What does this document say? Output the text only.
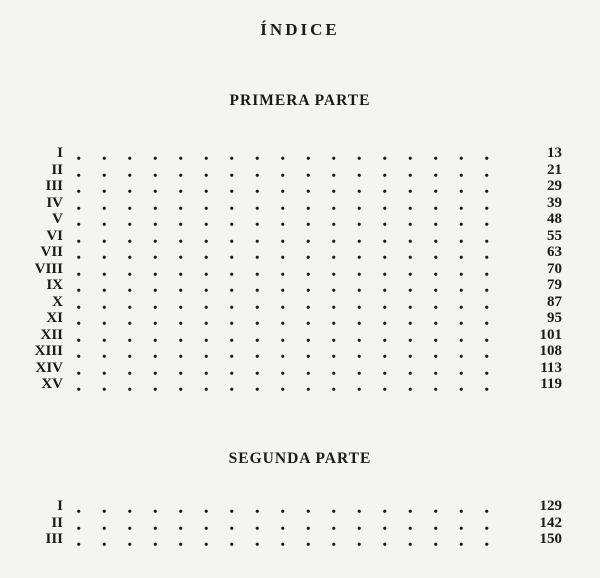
ÍNDICE
PRIMERA PARTE
I	13
II	21
III	29
IV	39
V	48
VI	55
VII	63
VIII	70
IX	79
X	87
XI	95
XII	101
XIII	108
XIV	113
XV	119
SEGUNDA PARTE
I	129
II	142
III	150
